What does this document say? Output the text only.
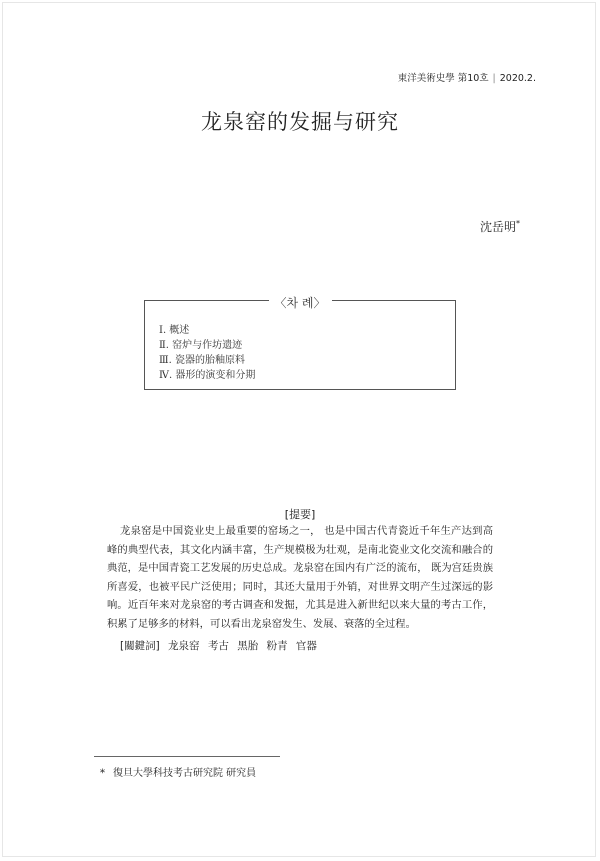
東洋美術史學 第10호 | 2020.2.
龙泉窑的发掘与研究
沈岳明*
〈차 례〉
Ⅰ. 概述
Ⅱ. 窑炉与作坊遗迹
Ⅲ. 瓷器的胎釉原料
Ⅳ. 器形的演变和分期
[提要]

龙泉窑是中国瓷业史上最重要的窑场之一， 也是中国古代青瓷近千年生产达到高峰的典型代表，其文化内涵丰富，生产规模极为壮观，是南北瓷业文化交流和融合的典范，是中国青瓷工艺发展的历史总成。龙泉窑在国内有广泛的流布， 既为宫廷贵族所喜爱，也被平民广泛使用；同时，其还大量用于外销，对世界文明产生过深远的影响。近百年来对龙泉窑的考古调查和发掘，尤其是进入新世纪以来大量的考古工作，积累了足够多的材料，可以看出龙泉窑发生、发展、衰落的全过程。

[關鍵詞] 龙泉窑 考古 黑胎 粉青 官器
* 復旦大學科技考古研究院 研究員
